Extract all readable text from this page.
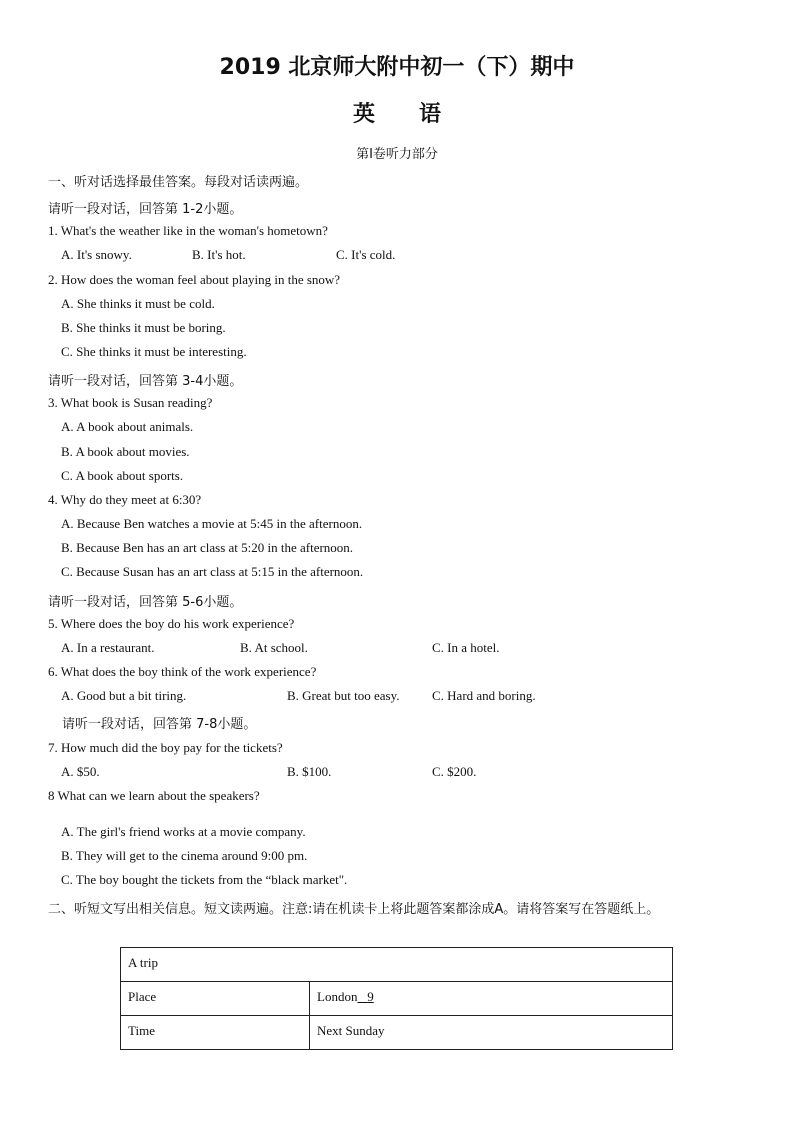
2019 北京师大附中初一（下）期中
英语
第Ⅰ卷听力部分
一、听对话选择最佳答案。每段对话读两遍。
请听一段对话，回答第 1-2小题。
1. What's the weather like in the woman's hometown?
A. It's snowy.	B. It's hot.	C. It's cold.
2. How does the woman feel about playing in the snow?
A. She thinks it must be cold.
B. She thinks it must be boring.
C. She thinks it must be interesting.
请听一段对话，回答第 3-4小题。
3. What book is Susan reading?
A. A book about animals.
B. A book about movies.
C. A book about sports.
4. Why do they meet at 6:30?
A. Because Ben watches a movie at 5:45 in the afternoon.
B. Because Ben has an art class at 5:20 in the afternoon.
C. Because Susan has an art class at 5:15 in the afternoon.
请听一段对话，回答第 5-6小题。
5. Where does the boy do his work experience?
A. In a restaurant.	B. At school.	C. In a hotel.
6. What does the boy think of the work experience?
A. Good but a bit tiring.	B. Great but too easy. C. Hard and boring.
请听一段对话，回答第 7-8小题。
7. How much did the boy pay for the tickets?
A. $50.	B. $100.	C. $200.
8 What can we learn about the speakers?
A. The girl's friend works at a movie company.
B. They will get to the cinema around 9:00 pm.
C. The boy bought the tickets from the “black market".
二、听短文写出相关信息。短文读两遍。注意:请在机读卡上将此题答案都涂成A。请将答案写在答题纸上。
A trip	
Place	London 9
Time	Next Sunday
